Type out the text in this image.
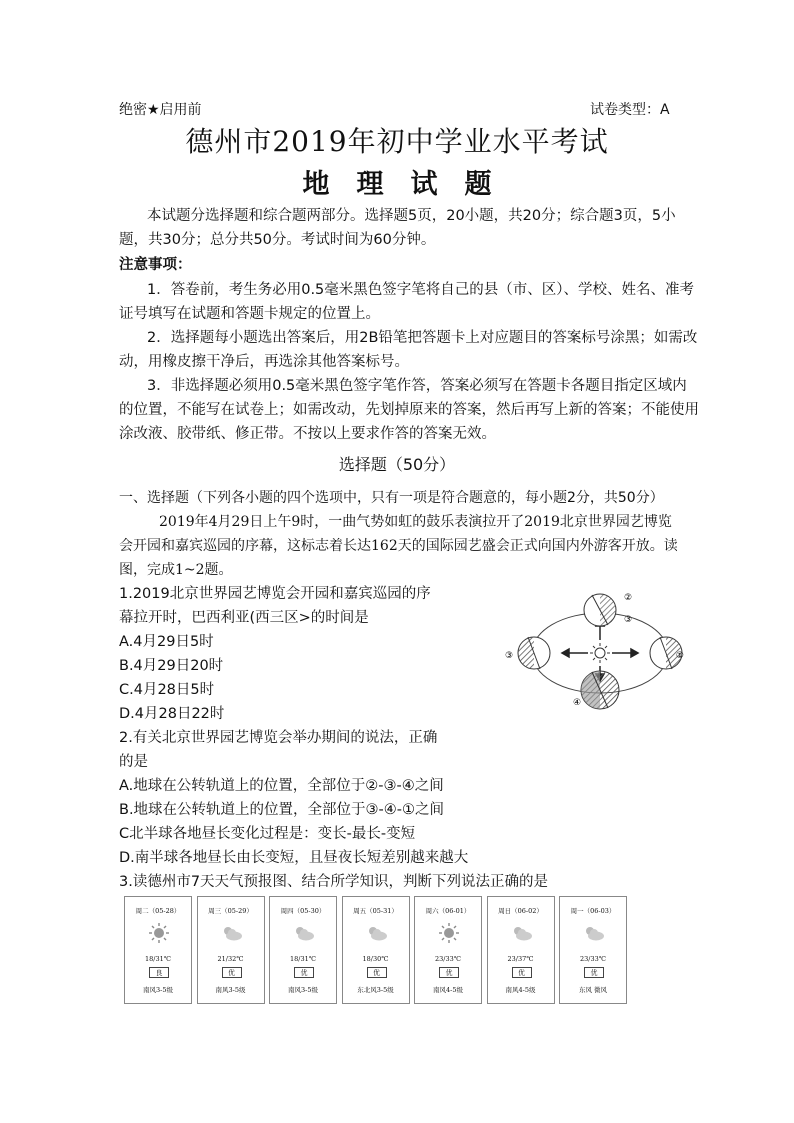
绝密★启用前	试卷类型：A
德州市2019年初中学业水平考试
地　理　试　题
本试题分选择题和综合题两部分。选择题5页，20小题，共20分；综合题3页，5小
题，共30分；总分共50分。考试时间为60分钟。
注意事项：
1．答卷前，考生务必用0.5毫米黑色签字笔将自己的县（市、区）、学校、姓名、准考
证号填写在试题和答题卡规定的位置上。
2．选择题每小题选出答案后，用2B铅笔把答题卡上对应题目的答案标号涂黑；如需改
动，用橡皮擦干净后，再选涂其他答案标号。
3．非选择题必须用0.5毫米黑色签字笔作答，答案必须写在答题卡各题目指定区域内
的位置，不能写在试卷上；如需改动，先划掉原来的答案，然后再写上新的答案；不能使用
涂改液、胶带纸、修正带。不按以上要求作答的答案无效。
选择题（50分）
一、选择题（下列各小题的四个选项中，只有一项是符合题意的，每小题2分，共50分）
2019年4月29日上午9时，一曲气势如虹的鼓乐表演拉开了2019北京世界园艺博览
会开园和嘉宾巡园的序幕，这标志着长达162天的国际园艺盛会正式向国内外游客开放。读
图，完成1~2题。
1.2019北京世界园艺博览会开园和嘉宾巡园的序
幕拉开时，巴西利亚(西三区>的时间是
A.4月29日5时
B.4月29日20时
C.4月28日5时
D.4月28日22时
2.有关北京世界园艺博览会举办期间的说法，正确
的是
A.地球在公转轨道上的位置，全部位于②-③-④之间
B.地球在公转轨道上的位置，全部位于③-④-①之间
C北半球各地昼长变化过程是：变长-最长-变短
D.南半球各地昼长由长变短，且昼夜长短差别越来越大
3.读德州市7天天气预报图、结合所学知识，判断下列说法正确的是
②
③
①
③
④
周二（05-28）
18/31℃
良
南风3-5级
周三（05-29）
21/32℃
优
南风3-5级
周四（05-30）
18/31℃
优
南风3-5级
周五（05-31）
18/30℃
优
东北风3-5级
周六（06-01）
23/33℃
优
南风4-5级
周日（06-02）
23/37℃
优
南风4-5级
周一（06-03）
23/33℃
优
东风 微风
